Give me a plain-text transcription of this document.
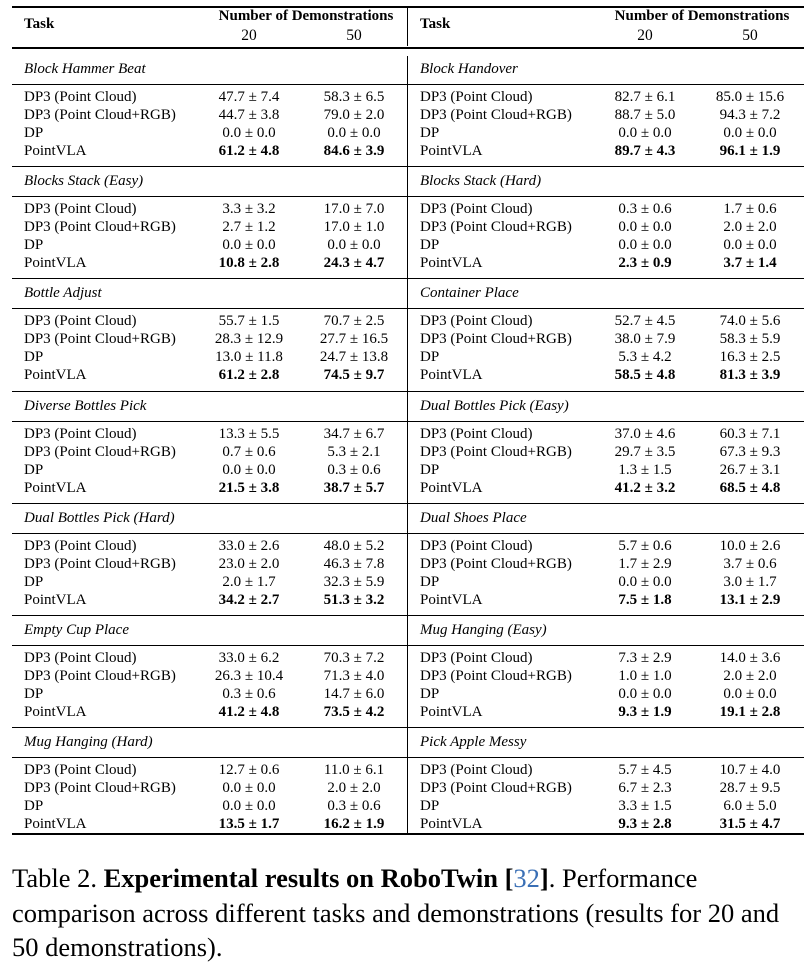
Task	Number of Demonstrations
20	50
Block Hammer Beat
DP3 (Point Cloud)	47.7 ± 7.4	58.3 ± 6.5
DP3 (Point Cloud+RGB)	44.7 ± 3.8	79.0 ± 2.0
DP	0.0 ± 0.0	0.0 ± 0.0
PointVLA	61.2 ± 4.8	84.6 ± 3.9
Blocks Stack (Easy)
DP3 (Point Cloud)	3.3 ± 3.2	17.0 ± 7.0
DP3 (Point Cloud+RGB)	2.7 ± 1.2	17.0 ± 1.0
DP	0.0 ± 0.0	0.0 ± 0.0
PointVLA	10.8 ± 2.8	24.3 ± 4.7
Bottle Adjust
DP3 (Point Cloud)	55.7 ± 1.5	70.7 ± 2.5
DP3 (Point Cloud+RGB)	28.3 ± 12.9	27.7 ± 16.5
DP	13.0 ± 11.8	24.7 ± 13.8
PointVLA	61.2 ± 2.8	74.5 ± 9.7
Diverse Bottles Pick
DP3 (Point Cloud)	13.3 ± 5.5	34.7 ± 6.7
DP3 (Point Cloud+RGB)	0.7 ± 0.6	5.3 ± 2.1
DP	0.0 ± 0.0	0.3 ± 0.6
PointVLA	21.5 ± 3.8	38.7 ± 5.7
Dual Bottles Pick (Hard)
DP3 (Point Cloud)	33.0 ± 2.6	48.0 ± 5.2
DP3 (Point Cloud+RGB)	23.0 ± 2.0	46.3 ± 7.8
DP	2.0 ± 1.7	32.3 ± 5.9
PointVLA	34.2 ± 2.7	51.3 ± 3.2
Empty Cup Place
DP3 (Point Cloud)	33.0 ± 6.2	70.3 ± 7.2
DP3 (Point Cloud+RGB)	26.3 ± 10.4	71.3 ± 4.0
DP	0.3 ± 0.6	14.7 ± 6.0
PointVLA	41.2 ± 4.8	73.5 ± 4.2
Mug Hanging (Hard)
DP3 (Point Cloud)	12.7 ± 0.6	11.0 ± 6.1
DP3 (Point Cloud+RGB)	0.0 ± 0.0	2.0 ± 2.0
DP	0.0 ± 0.0	0.3 ± 0.6
PointVLA	13.5 ± 1.7	16.2 ± 1.9
Task	Number of Demonstrations
20	50
Block Handover
DP3 (Point Cloud)	82.7 ± 6.1	85.0 ± 15.6
DP3 (Point Cloud+RGB)	88.7 ± 5.0	94.3 ± 7.2
DP	0.0 ± 0.0	0.0 ± 0.0
PointVLA	89.7 ± 4.3	96.1 ± 1.9
Blocks Stack (Hard)
DP3 (Point Cloud)	0.3 ± 0.6	1.7 ± 0.6
DP3 (Point Cloud+RGB)	0.0 ± 0.0	2.0 ± 2.0
DP	0.0 ± 0.0	0.0 ± 0.0
PointVLA	2.3 ± 0.9	3.7 ± 1.4
Container Place
DP3 (Point Cloud)	52.7 ± 4.5	74.0 ± 5.6
DP3 (Point Cloud+RGB)	38.0 ± 7.9	58.3 ± 5.9
DP	5.3 ± 4.2	16.3 ± 2.5
PointVLA	58.5 ± 4.8	81.3 ± 3.9
Dual Bottles Pick (Easy)
DP3 (Point Cloud)	37.0 ± 4.6	60.3 ± 7.1
DP3 (Point Cloud+RGB)	29.7 ± 3.5	67.3 ± 9.3
DP	1.3 ± 1.5	26.7 ± 3.1
PointVLA	41.2 ± 3.2	68.5 ± 4.8
Dual Shoes Place
DP3 (Point Cloud)	5.7 ± 0.6	10.0 ± 2.6
DP3 (Point Cloud+RGB)	1.7 ± 2.9	3.7 ± 0.6
DP	0.0 ± 0.0	3.0 ± 1.7
PointVLA	7.5 ± 1.8	13.1 ± 2.9
Mug Hanging (Easy)
DP3 (Point Cloud)	7.3 ± 2.9	14.0 ± 3.6
DP3 (Point Cloud+RGB)	1.0 ± 1.0	2.0 ± 2.0
DP	0.0 ± 0.0	0.0 ± 0.0
PointVLA	9.3 ± 1.9	19.1 ± 2.8
Pick Apple Messy
DP3 (Point Cloud)	5.7 ± 4.5	10.7 ± 4.0
DP3 (Point Cloud+RGB)	6.7 ± 2.3	28.7 ± 9.5
DP	3.3 ± 1.5	6.0 ± 5.0
PointVLA	9.3 ± 2.8	31.5 ± 4.7
Table 2. Experimental results on RoboTwin [32]. Performance comparison across different tasks and demonstrations (results for 20 and 50 demonstrations).
